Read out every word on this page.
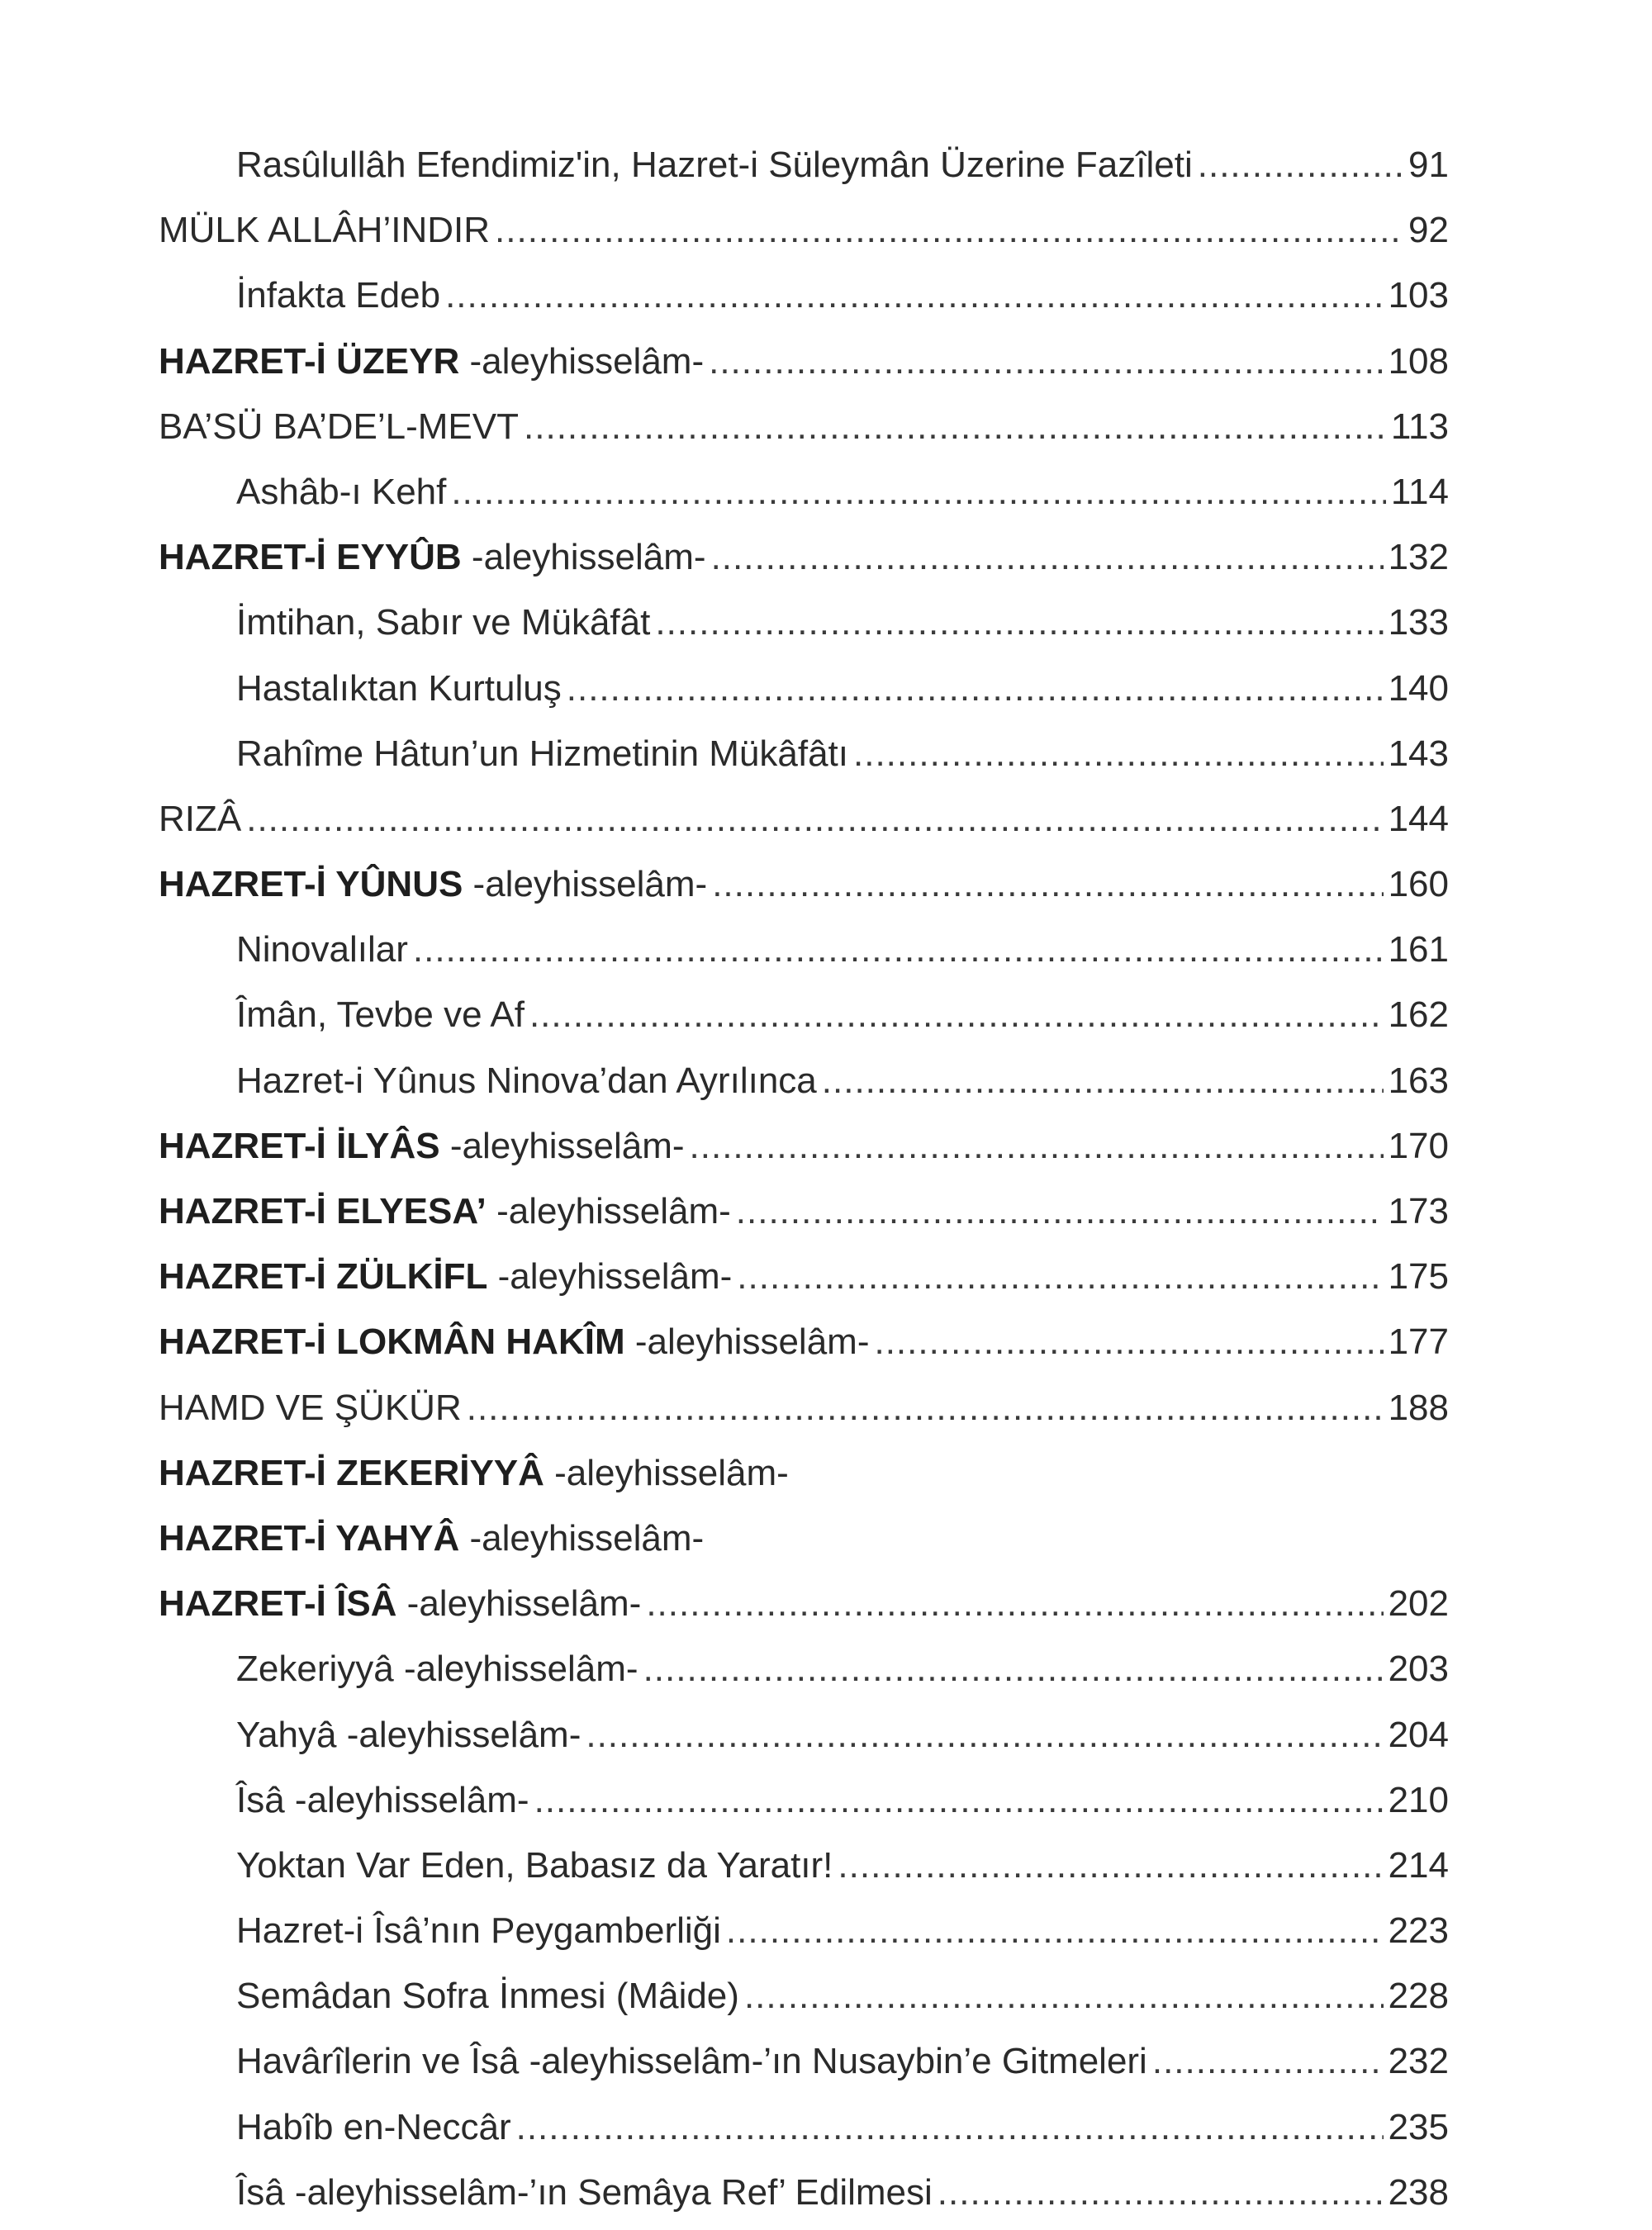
Rasûlullâh Efendimiz'in, Hazret-i Süleymân Üzerine Fazîleti .....	91
MÜLK ALLÂH’INDIR .....	92
İnfakta Edeb .....	103
HAZRET-İ ÜZEYR -aleyhisselâm- .....	108
BA’SÜ BA’DE’L-MEVT .....	113
Ashâb-ı Kehf .....	114
HAZRET-İ EYYÛB -aleyhisselâm- .....	132
İmtihan, Sabır ve Mükâfât .....	133
Hastalıktan Kurtuluş .....	140
Rahîme Hâtun’un Hizmetinin Mükâfâtı .....	143
RIZÂ .....	144
HAZRET-İ YÛNUS -aleyhisselâm- .....	160
Ninovalılar .....	161
Îmân, Tevbe ve Af .....	162
Hazret-i Yûnus Ninova’dan Ayrılınca .....	163
HAZRET-İ İLYÂS -aleyhisselâm- .....	170
HAZRET-İ ELYESA’ -aleyhisselâm- .....	173
HAZRET-İ ZÜLKİFL -aleyhisselâm- .....	175
HAZRET-İ LOKMÂN HAKÎM -aleyhisselâm- .....	177
HAMD VE ŞÜKÜR .....	188
HAZRET-İ ZEKERİYYÂ -aleyhisselâm-
HAZRET-İ YAHYÂ -aleyhisselâm-
HAZRET-İ ÎSÂ -aleyhisselâm- .....	202
Zekeriyyâ -aleyhisselâm- .....	203
Yahyâ -aleyhisselâm- .....	204
Îsâ -aleyhisselâm- .....	210
Yoktan Var Eden, Babasız da Yaratır! .....	214
Hazret-i Îsâ’nın Peygamberliği .....	223
Semâdan Sofra İnmesi (Mâide) .....	228
Havârîlerin ve Îsâ -aleyhisselâm-’ın Nusaybin’e Gitmeleri .....	232
Habîb en-Neccâr .....	235
Îsâ -aleyhisselâm-’ın Semâya Ref’ Edilmesi .....	238
